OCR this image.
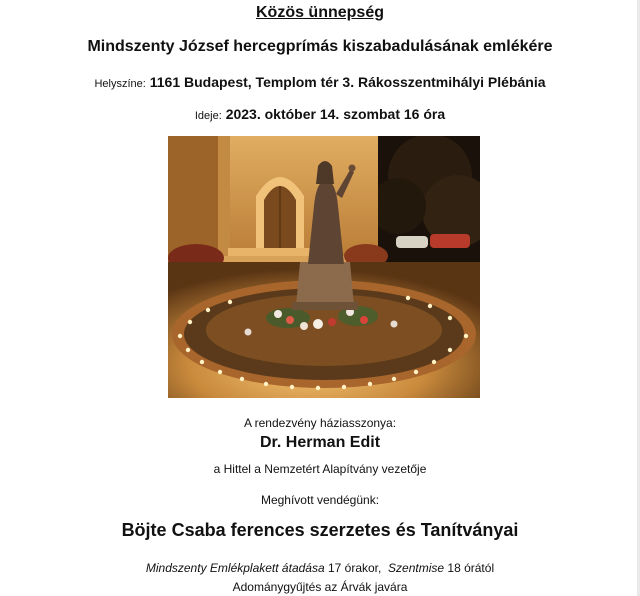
Közös ünnepség
Mindszenty József hercegprímás kiszabadulásának emlékére
Helyszíne: 1161 Budapest, Templom tér 3. Rákosszentmihályi Plébánia
Ideje: 2023. október 14. szombat 16 óra
A rendezvény háziasszonya:
Dr. Herman Edit
a Hittel a Nemzetért Alapítvány vezetője
Meghívott vendégünk:
Böjte Csaba ferences szerzetes és Tanítványai
Mindszenty Emlékplakett átadása 17 órakor, Szentmise 18 órától
Adománygyűjtés az Árvák javára
